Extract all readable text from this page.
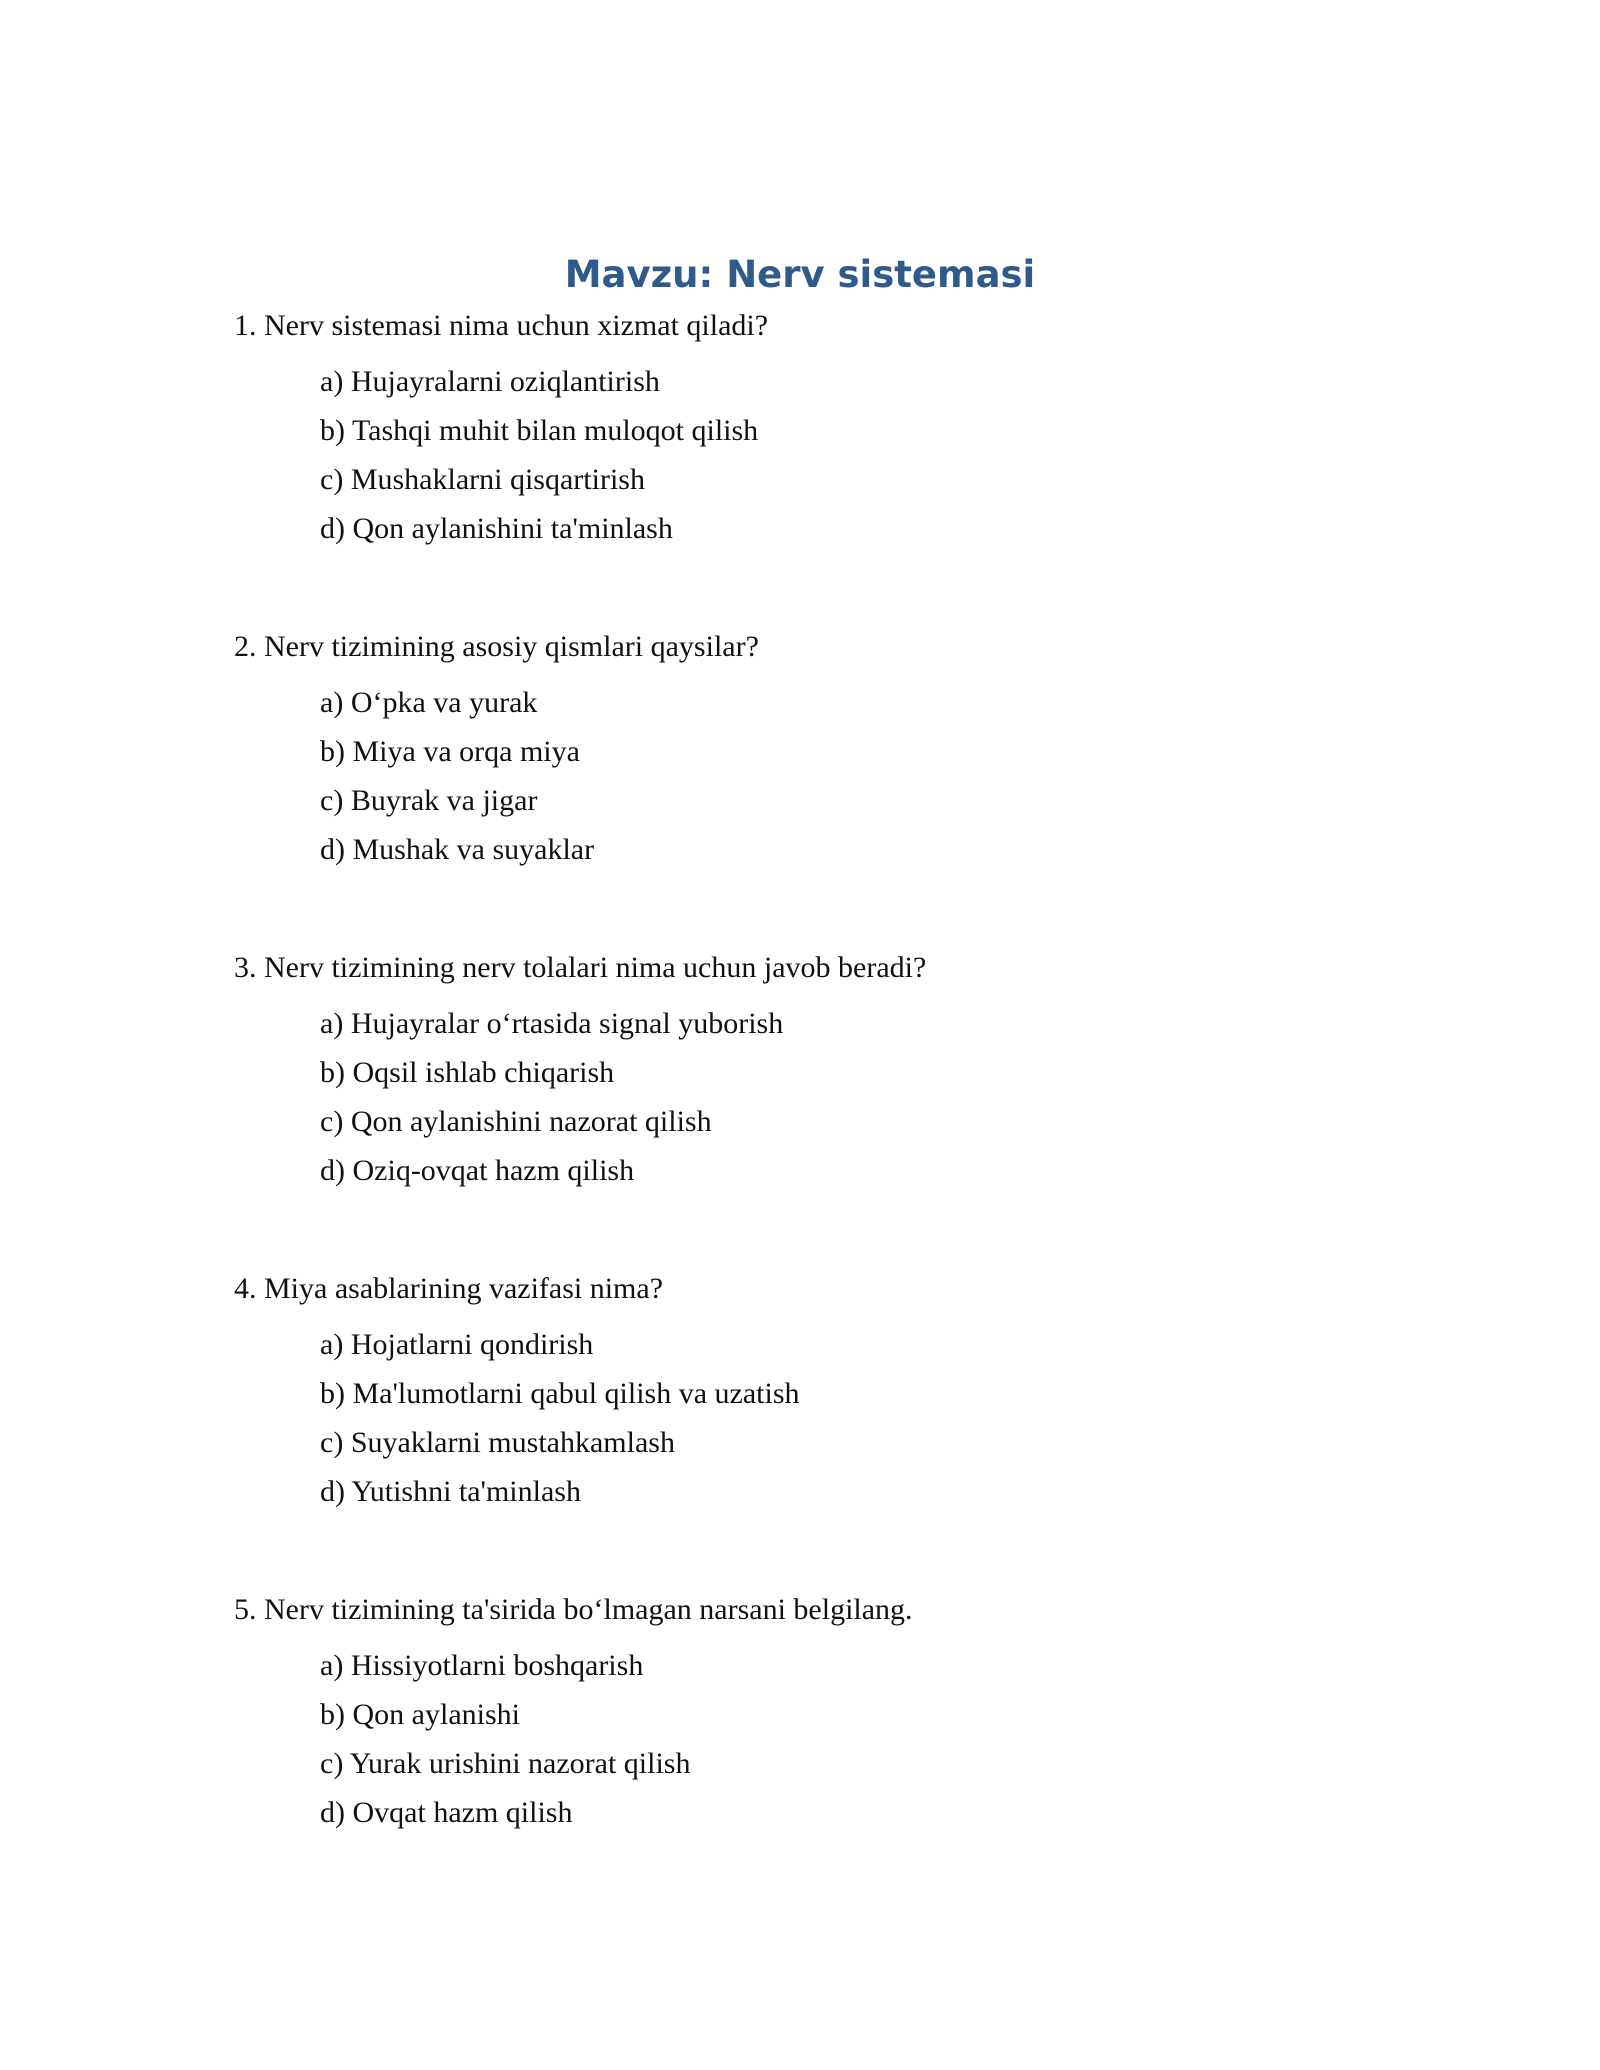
Mavzu: Nerv sistemasi
1. Nerv sistemasi nima uchun xizmat qiladi?
a ) Hujayralarni oziqlantirish
b ) Tashqi muhit bilan muloqot qilish
c ) Mushaklarni qisqartirish
d ) Qon aylanishini ta'minlash
2. Nerv tizimining asosiy qismlari qaysilar?
a ) O‘pka va yurak
b ) Miya va orqa miya
c ) Buyrak va jigar
d ) Mushak va suyaklar
3. Nerv tizimining nerv tolalari nima uchun javob beradi?
a ) Hujayralar o‘rtasida signal yuborish
b ) Oqsil ishlab chiqarish
c ) Qon aylanishini nazorat qilish
d ) Oziq-ovqat hazm qilish
4. Miya asablarining vazifasi nima?
a ) Hojatlarni qondirish
b ) Ma'lumotlarni qabul qilish va uzatish
c ) Suyaklarni mustahkamlash
d ) Yutishni ta'minlash
5. Nerv tizimining ta'sirida bo‘lmagan narsani belgilang.
a ) Hissiyotlarni boshqarish
b ) Qon aylanishi
c ) Yurak urishini nazorat qilish
d ) Ovqat hazm qilish
